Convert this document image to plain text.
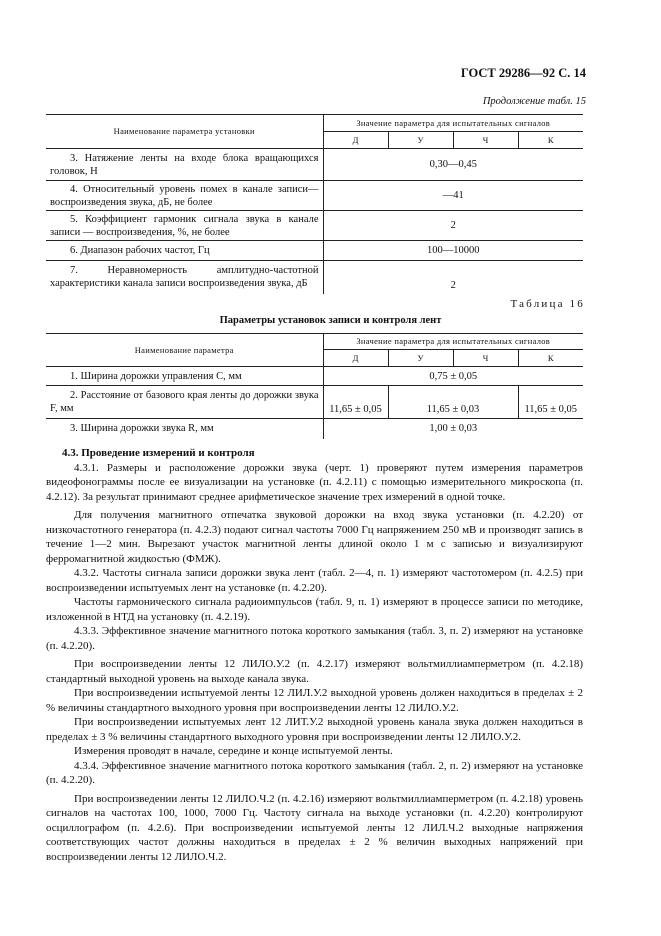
ГОСТ 29286—92 С. 14
Продолжение табл. 15
Наименование параметра установки	Значение параметра для испытательных сигналов			
	Д	У	Ч	К
3. Натяжение ленты на входе блока вращающихся головок, Н	0,30—0,45			
4. Относительный уровень помех в канале записи—воспроизведения звука, дБ, не более	—41			
5. Коэффициент гармоник сигнала звука в канале записи — воспроизведения, %, не более	2			
6. Диапазон рабочих частот, Гц	100—10000			
7. Неравномерность амплитудно-частотной характеристики канала записи воспроизведения звука, дБ	2			
Таблица 16
Параметры установок записи и контроля лент
Наименование параметра	Значение параметра для испытательных сигналов			
	Д	У	Ч	К
1. Ширина дорожки управления C, мм	0,75 ± 0,05			
2. Расстояние от базового края ленты до дорожки звука F, мм	11,65 ± 0,05	11,65 ± 0,03		11,65 ± 0,05
3. Ширина дорожки звука R, мм	1,00 ± 0,03			

4.3. Проведение измерений и контроля

4.3.1. Размеры и расположение дорожки звука (черт. 1) проверяют путем измерения параметров видеофонограммы после ее визуализации на установке (п. 4.2.11) с помощью измерительного микроскопа (п. 4.2.12). За результат принимают среднее арифметическое значение трех измерений в одной точке.

Для получения магнитного отпечатка звуковой дорожки на вход звука установки (п. 4.2.20) от низкочастотного генератора (п. 4.2.3) подают сигнал частоты 7000 Гц напряжением 250 мВ и производят запись в течение 1—2 мин. Вырезают участок магнитной ленты длиной около 1 м с записью и визуализируют ферромагнитной жидкостью (ФМЖ).

4.3.2. Частоты сигнала записи дорожки звука лент (табл. 2—4, п. 1) измеряют частотомером (п. 4.2.5) при воспроизведении испытуемых лент на установке (п. 4.2.20).

Частоты гармонического сигнала радиоимпульсов (табл. 9, п. 1) измеряют в процессе записи по методике, изложенной в НТД на установку (п. 4.2.19).

4.3.3. Эффективное значение магнитного потока короткого замыкания (табл. 3, п. 2) измеряют на установке (п. 4.2.20).

При воспроизведении ленты 12 ЛИЛО.У.2 (п. 4.2.17) измеряют вольтмиллиамперметром (п. 4.2.18) стандартный выходной уровень на выходе канала звука.

При воспроизведении испытуемой ленты 12 ЛИЛ.У.2 выходной уровень должен находиться в пределах ± 2 % величины стандартного выходного уровня при воспроизведении ленты 12 ЛИЛО.У.2.

При воспроизведении испытуемых лент 12 ЛИТ.У.2 выходной уровень канала звука должен находиться в пределах ± 3 % величины стандартного выходного уровня при воспроизведении ленты 12 ЛИЛО.У.2.

Измерения проводят в начале, середине и конце испытуемой ленты.

4.3.4. Эффективное значение магнитного потока короткого замыкания (табл. 2, п. 2) измеряют на установке (п. 4.2.20).

При воспроизведении ленты 12 ЛИЛО.Ч.2 (п. 4.2.16) измеряют вольтмиллиамперметром (п. 4.2.18) уровень сигналов на частотах 100, 1000, 7000 Гц. Частоту сигнала на выходе установки (п. 4.2.20) контролируют осциллографом (п. 4.2.6). При воспроизведении испытуемой ленты 12 ЛИЛ.Ч.2 выходные напряжения соответствующих частот должны находиться в пределах ± 2 % величин выходных напряжений при воспроизведении ленты 12 ЛИЛО.Ч.2.
